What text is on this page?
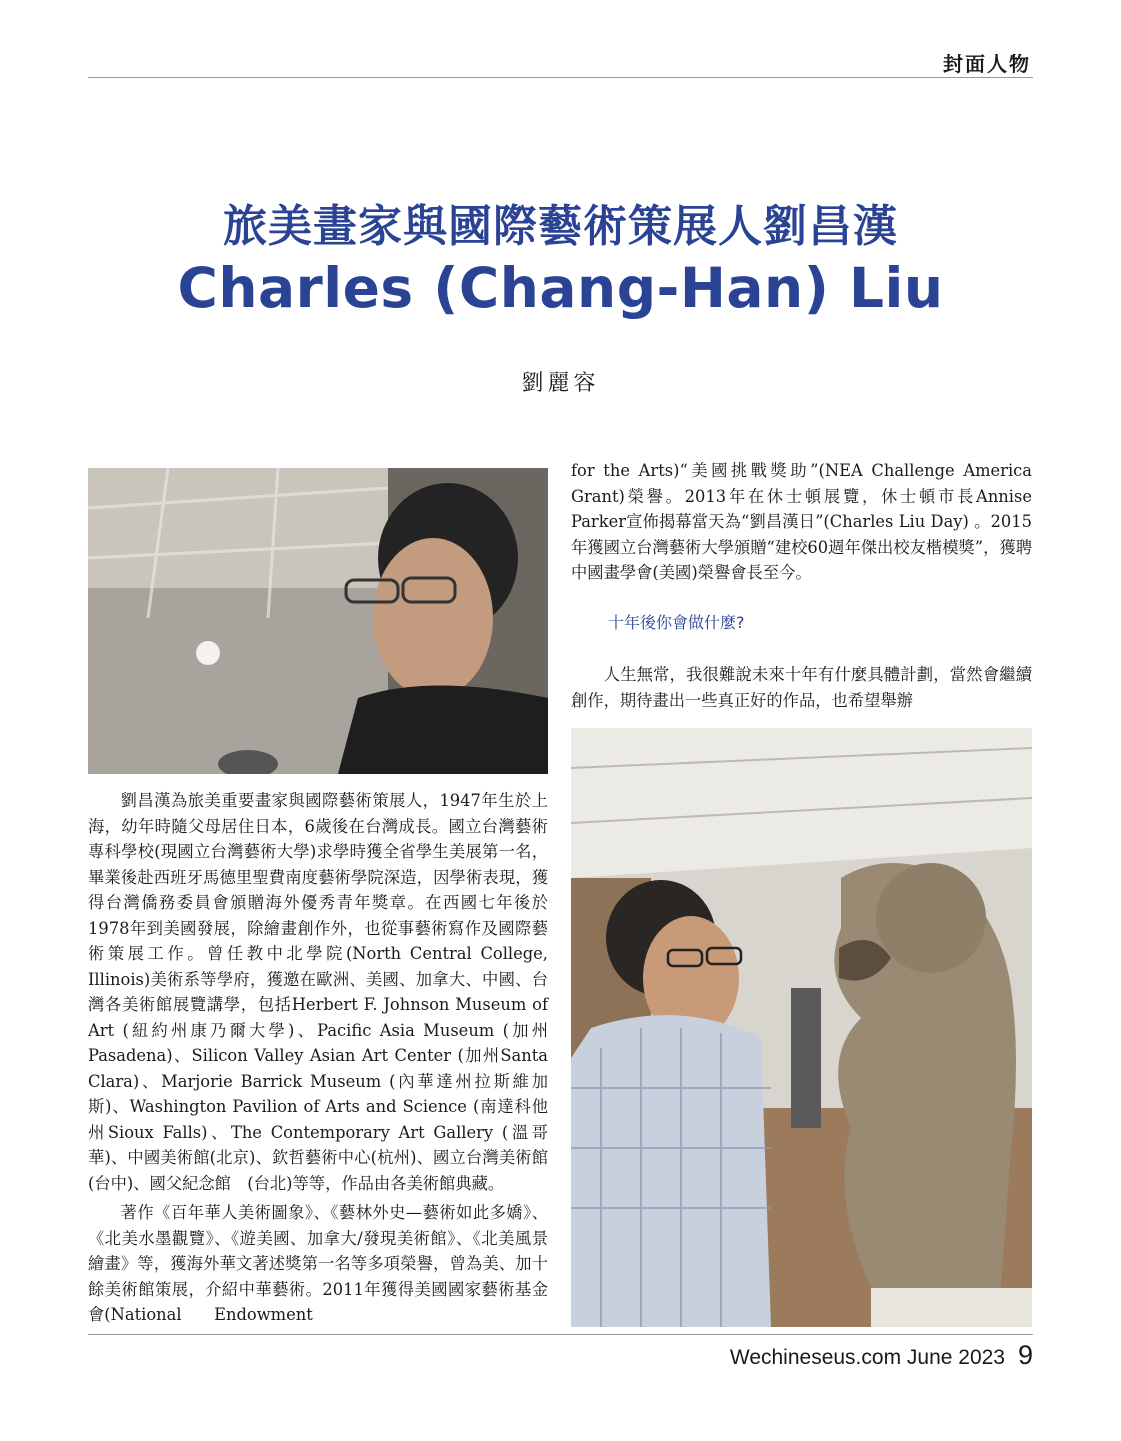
封面人物
旅美畫家與國際藝術策展人劉昌漢
Charles (Chang-Han) Liu
劉麗容

劉昌漢為旅美重要畫家與國際藝術策展人，1947年生於上海，幼年時隨父母居住日本，6歲後在台灣成長。國立台灣藝術專科學校(現國立台灣藝術大學)求學時獲全省學生美展第一名，畢業後赴西班牙馬德里聖費南度藝術學院深造，因學術表現，獲得台灣僑務委員會頒贈海外優秀青年獎章。在西國七年後於1978年到美國發展，除繪畫創作外，也從事藝術寫作及國際藝術策展工作。曾任教中北學院(North Central College, Illinois)美術系等學府，獲邀在歐洲、美國、加拿大、中國、台灣各美術館展覽講學，包括Herbert F. Johnson Museum of Art (紐約州康乃爾大學)、Pacific Asia Museum (加州Pasadena)、Silicon Valley Asian Art Center (加州Santa Clara)、Marjorie Barrick Museum (內華達州拉斯維加斯)、Washington Pavilion of Arts and Science (南達科他州Sioux Falls)、The Contemporary Art Gallery (溫哥華)、中國美術館(北京)、欽哲藝術中心(杭州)、國立台灣美術館　(台中)、國父紀念館　(台北)等等，作品由各美術館典藏。

著作《百年華人美術圖象》、《藝林外史—藝術如此多嬌》、《北美水墨觀覽》、《遊美國、加拿大/發現美術館》、《北美風景繪畫》等，獲海外華文著述獎第一名等多項榮譽，曾為美、加十餘美術館策展，介紹中華藝術。2011年獲得美國國家藝術基金會(National　　Endowment

for the Arts)“美國挑戰獎助”(NEA Challenge America Grant)榮譽。2013年在休士頓展覽，休士頓市長Annise Parker宣佈揭幕當天為“劉昌漢日”(Charles Liu Day) 。2015年獲國立台灣藝術大學頒贈“建校60週年傑出校友楷模獎”，獲聘中國畫學會(美國)榮譽會長至今。

十年後你會做什麼?

人生無常，我很難說未來十年有什麼具體計劃，當然會繼續創作，期待畫出一些真正好的作品，也希望舉辦

Wechineseus.com June 2023 9
